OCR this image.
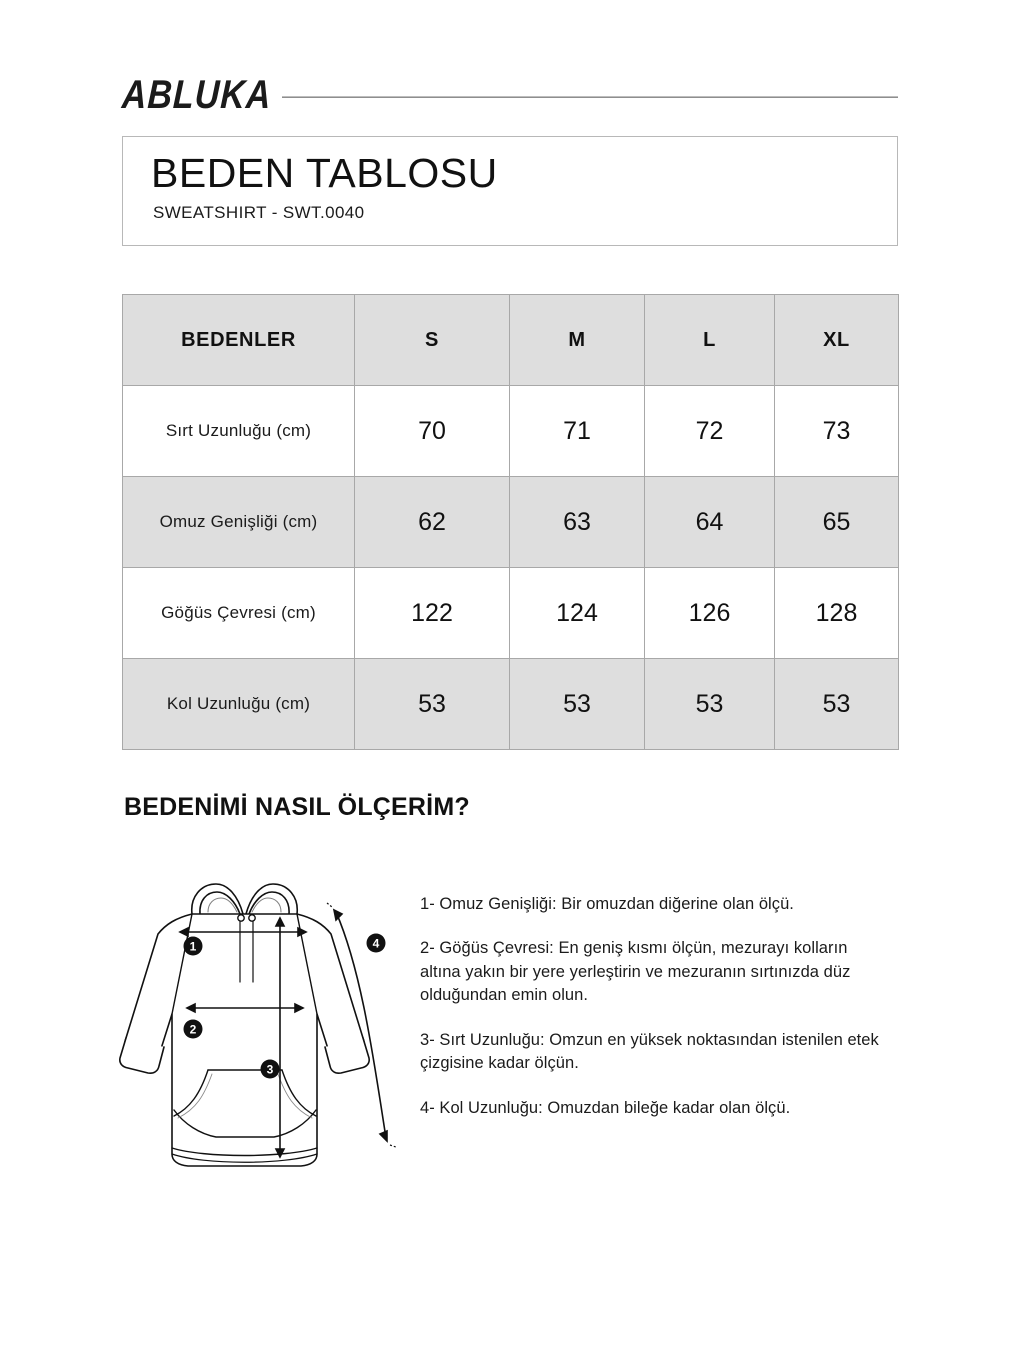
ABLUKA
BEDEN TABLOSU
SWEATSHIRT - SWT.0040
BEDENLER	S	M	L	XL
Sırt Uzunluğu (cm)	70	71	72	73
Omuz Genişliği (cm)	62	63	64	65
Göğüs Çevresi (cm)	122	124	126	128
Kol Uzunluğu (cm)	53	53	53	53
BEDENİMİ NASIL ÖLÇERİM?
1
2
3
4

1- Omuz Genişliği: Bir omuzdan diğerine olan ölçü.

2- Göğüs Çevresi: En geniş kısmı ölçün, mezurayı kolların altına yakın bir yere yerleştirin ve mezuranın sırtınızda düz olduğundan emin olun.

3- Sırt Uzunluğu: Omzun en yüksek noktasından istenilen etek çizgisine kadar ölçün.

4- Kol Uzunluğu: Omuzdan bileğe kadar olan ölçü.
